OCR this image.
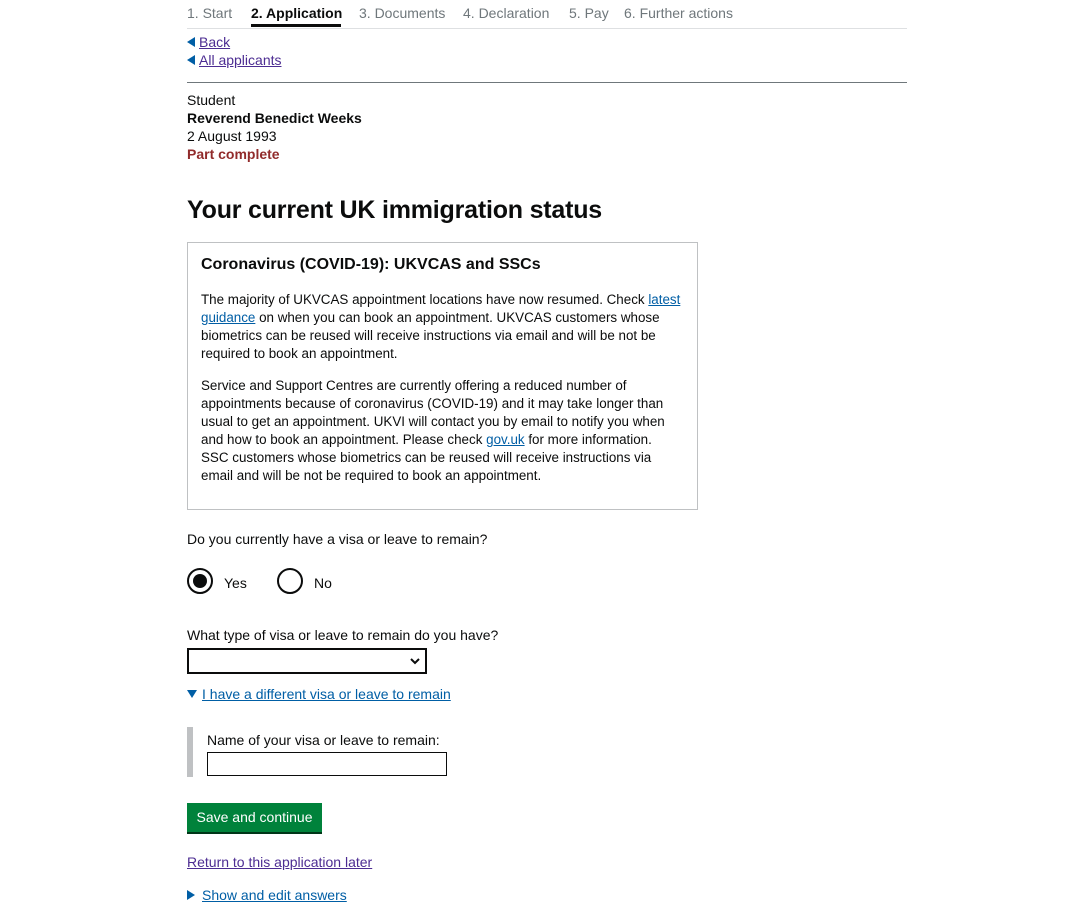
1. Start 2. Application 3. Documents 4. Declaration 5. Pay 6. Further actions
Back
All applicants
Student
Reverend Benedict Weeks
2 August 1993
Part complete
Your current UK immigration status
Coronavirus (COVID-19): UKVCAS and SSCs

The majority of UKVCAS appointment locations have now resumed. Check latest guidance on when you can book an appointment. UKVCAS customers whose biometrics can be reused will receive instructions via email and will be not be required to book an appointment.

Service and Support Centres are currently offering a reduced number of appointments because of coronavirus (COVID-19) and it may take longer than usual to get an appointment. UKVI will contact you by email to notify you when and how to book an appointment. Please check gov.uk for more information. SSC customers whose biometrics can be reused will receive instructions via email and will be not be required to book an appointment.

Do you currently have a visa or leave to remain?
Yes	No
What type of visa or leave to remain do you have?
I have a different visa or leave to remain
Name of your visa or leave to remain:
Save and continue
Return to this application later
Show and edit answers
